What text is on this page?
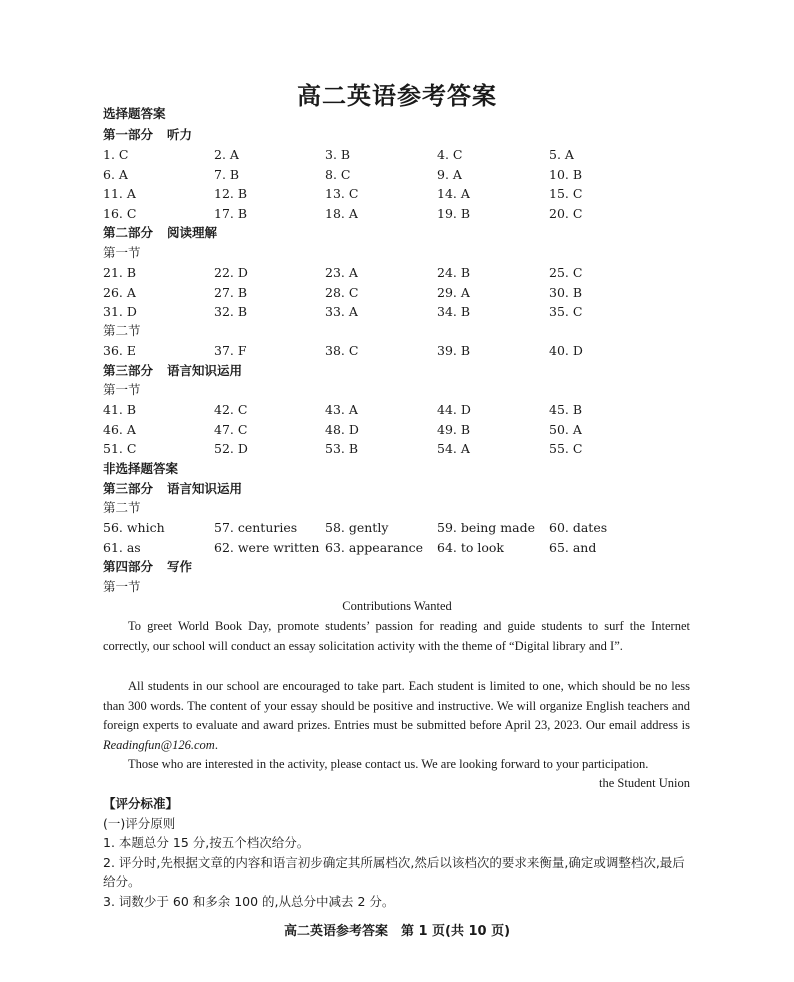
高二英语参考答案
选择题答案
第一部分 听力
1. C	2. A	3. B	4. C	5. A
6. A	7. B	8. C	9. A	10. B
11. A	12. B	13. C	14. A	15. C
16. C	17. B	18. A	19. B	20. C
第二部分 阅读理解
第一节
21. B	22. D	23. A	24. B	25. C
26. A	27. B	28. C	29. A	30. B
31. D	32. B	33. A	34. B	35. C
第二节
36. E	37. F	38. C	39. B	40. D
第三部分 语言知识运用
第一节
41. B	42. C	43. A	44. D	45. B
46. A	47. C	48. D	49. B	50. A
51. C	52. D	53. B	54. A	55. C
非选择题答案
第三部分 语言知识运用
第二节
56. which	57. centuries 58. gently	59. being made 60. dates
61. as	62. were written 63. appearance 64. to look	65. and
第四部分 写作
第一节
Contributions Wanted
To greet World Book Day, promote students’ passion for reading and guide students to surf the Internet correctly, our school will conduct an essay solicitation activity with the theme of “Digital library and I”.
All students in our school are encouraged to take part. Each student is limited to one, which should be no less than 300 words. The content of your essay should be positive and instructive. We will organize English teachers and foreign experts to evaluate and award prizes. Entries must be submitted before April 23, 2023. Our email address is Readingfun@126.com.
Those who are interested in the activity, please contact us. We are looking forward to your participation.
the Student Union
【评分标准】
(一)评分原则
1. 本题总分 15 分,按五个档次给分。
2. 评分时,先根据文章的内容和语言初步确定其所属档次,然后以该档次的要求来衡量,确定或调整档次,最后给分。
3. 词数少于 60 和多余 100 的,从总分中减去 2 分。
高二英语参考答案　第 1 页(共 10 页)
